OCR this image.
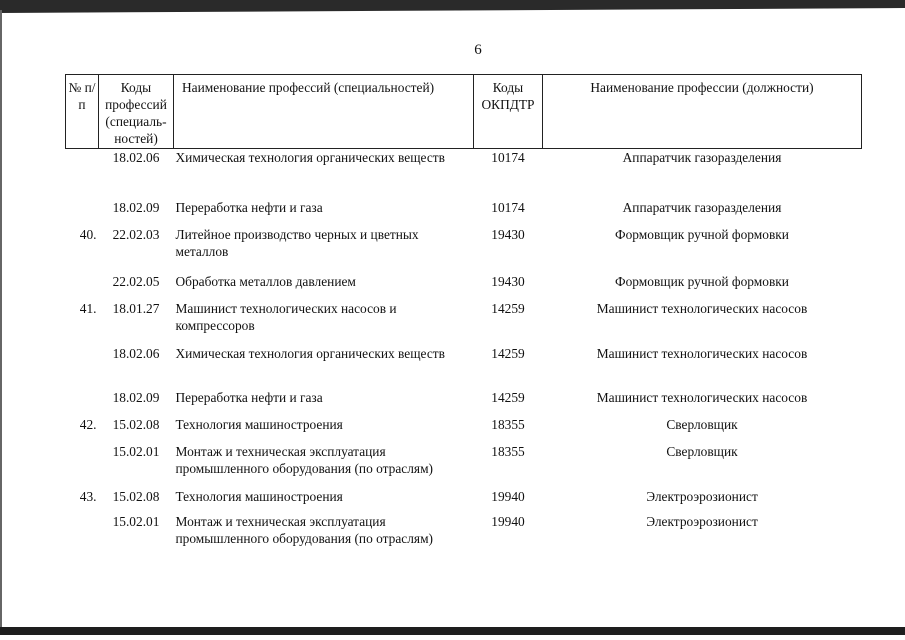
6
№ п/п	Коды профессий (специаль-ностей)	Наименование профессий (специальностей)	Коды ОКПДТР	Наименование профессии (должности)
	18.02.06	Химическая технология органических веществ	10174	Аппаратчик газоразделения
	18.02.09	Переработка нефти и газа	10174	Аппаратчик газоразделения
40.	22.02.03	Литейное производство черных и цветных металлов	19430	Формовщик ручной формовки
	22.02.05	Обработка металлов давлением	19430	Формовщик ручной формовки
41.	18.01.27	Машинист технологических насосов и компрессоров	14259	Машинист технологических насосов
	18.02.06	Химическая технология органических веществ	14259	Машинист технологических насосов
	18.02.09	Переработка нефти и газа	14259	Машинист технологических насосов
42.	15.02.08	Технология машиностроения	18355	Сверловщик
	15.02.01	Монтаж и техническая эксплуатация промышленного оборудования (по отраслям)	18355	Сверловщик
43.	15.02.08	Технология машиностроения	19940	Электроэрозионист
	15.02.01	Монтаж и техническая эксплуатация промышленного оборудования (по отраслям)	19940	Электроэрозионист
